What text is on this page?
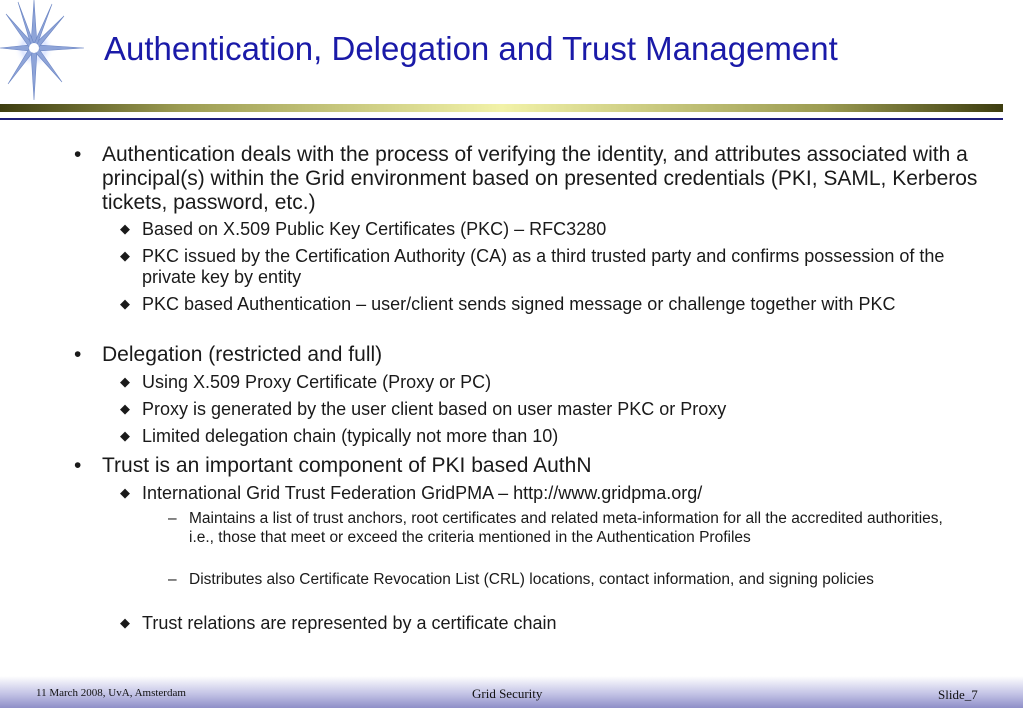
Authentication, Delegation and Trust Management
• Authentication deals with the process of verifying the identity, and attributes associated with a principal(s) within the Grid environment based on presented credentials (PKI, SAML, Kerberos tickets, password, etc.)
◆ Based on X.509 Public Key Certificates (PKC) – RFC3280
◆ PKC issued by the Certification Authority (CA) as a third trusted party and confirms possession of the private key by entity
◆ PKC based Authentication – user/client sends signed message or challenge together with PKC
• Delegation (restricted and full)
◆ Using X.509 Proxy Certificate (Proxy or PC)
◆ Proxy is generated by the user client based on user master PKC or Proxy
◆ Limited delegation chain (typically not more than 10)
• Trust is an important component of PKI based AuthN
◆ International Grid Trust Federation GridPMA – http://www.gridpma.org/
– Maintains a list of trust anchors, root certificates and related meta-information for all the accredited authorities, i.e., those that meet or exceed the criteria mentioned in the Authentication Profiles
– Distributes also Certificate Revocation List (CRL) locations, contact information, and signing policies
◆ Trust relations are represented by a certificate chain
11 March 2008, UvA, Amsterdam	Grid Security	Slide_7
